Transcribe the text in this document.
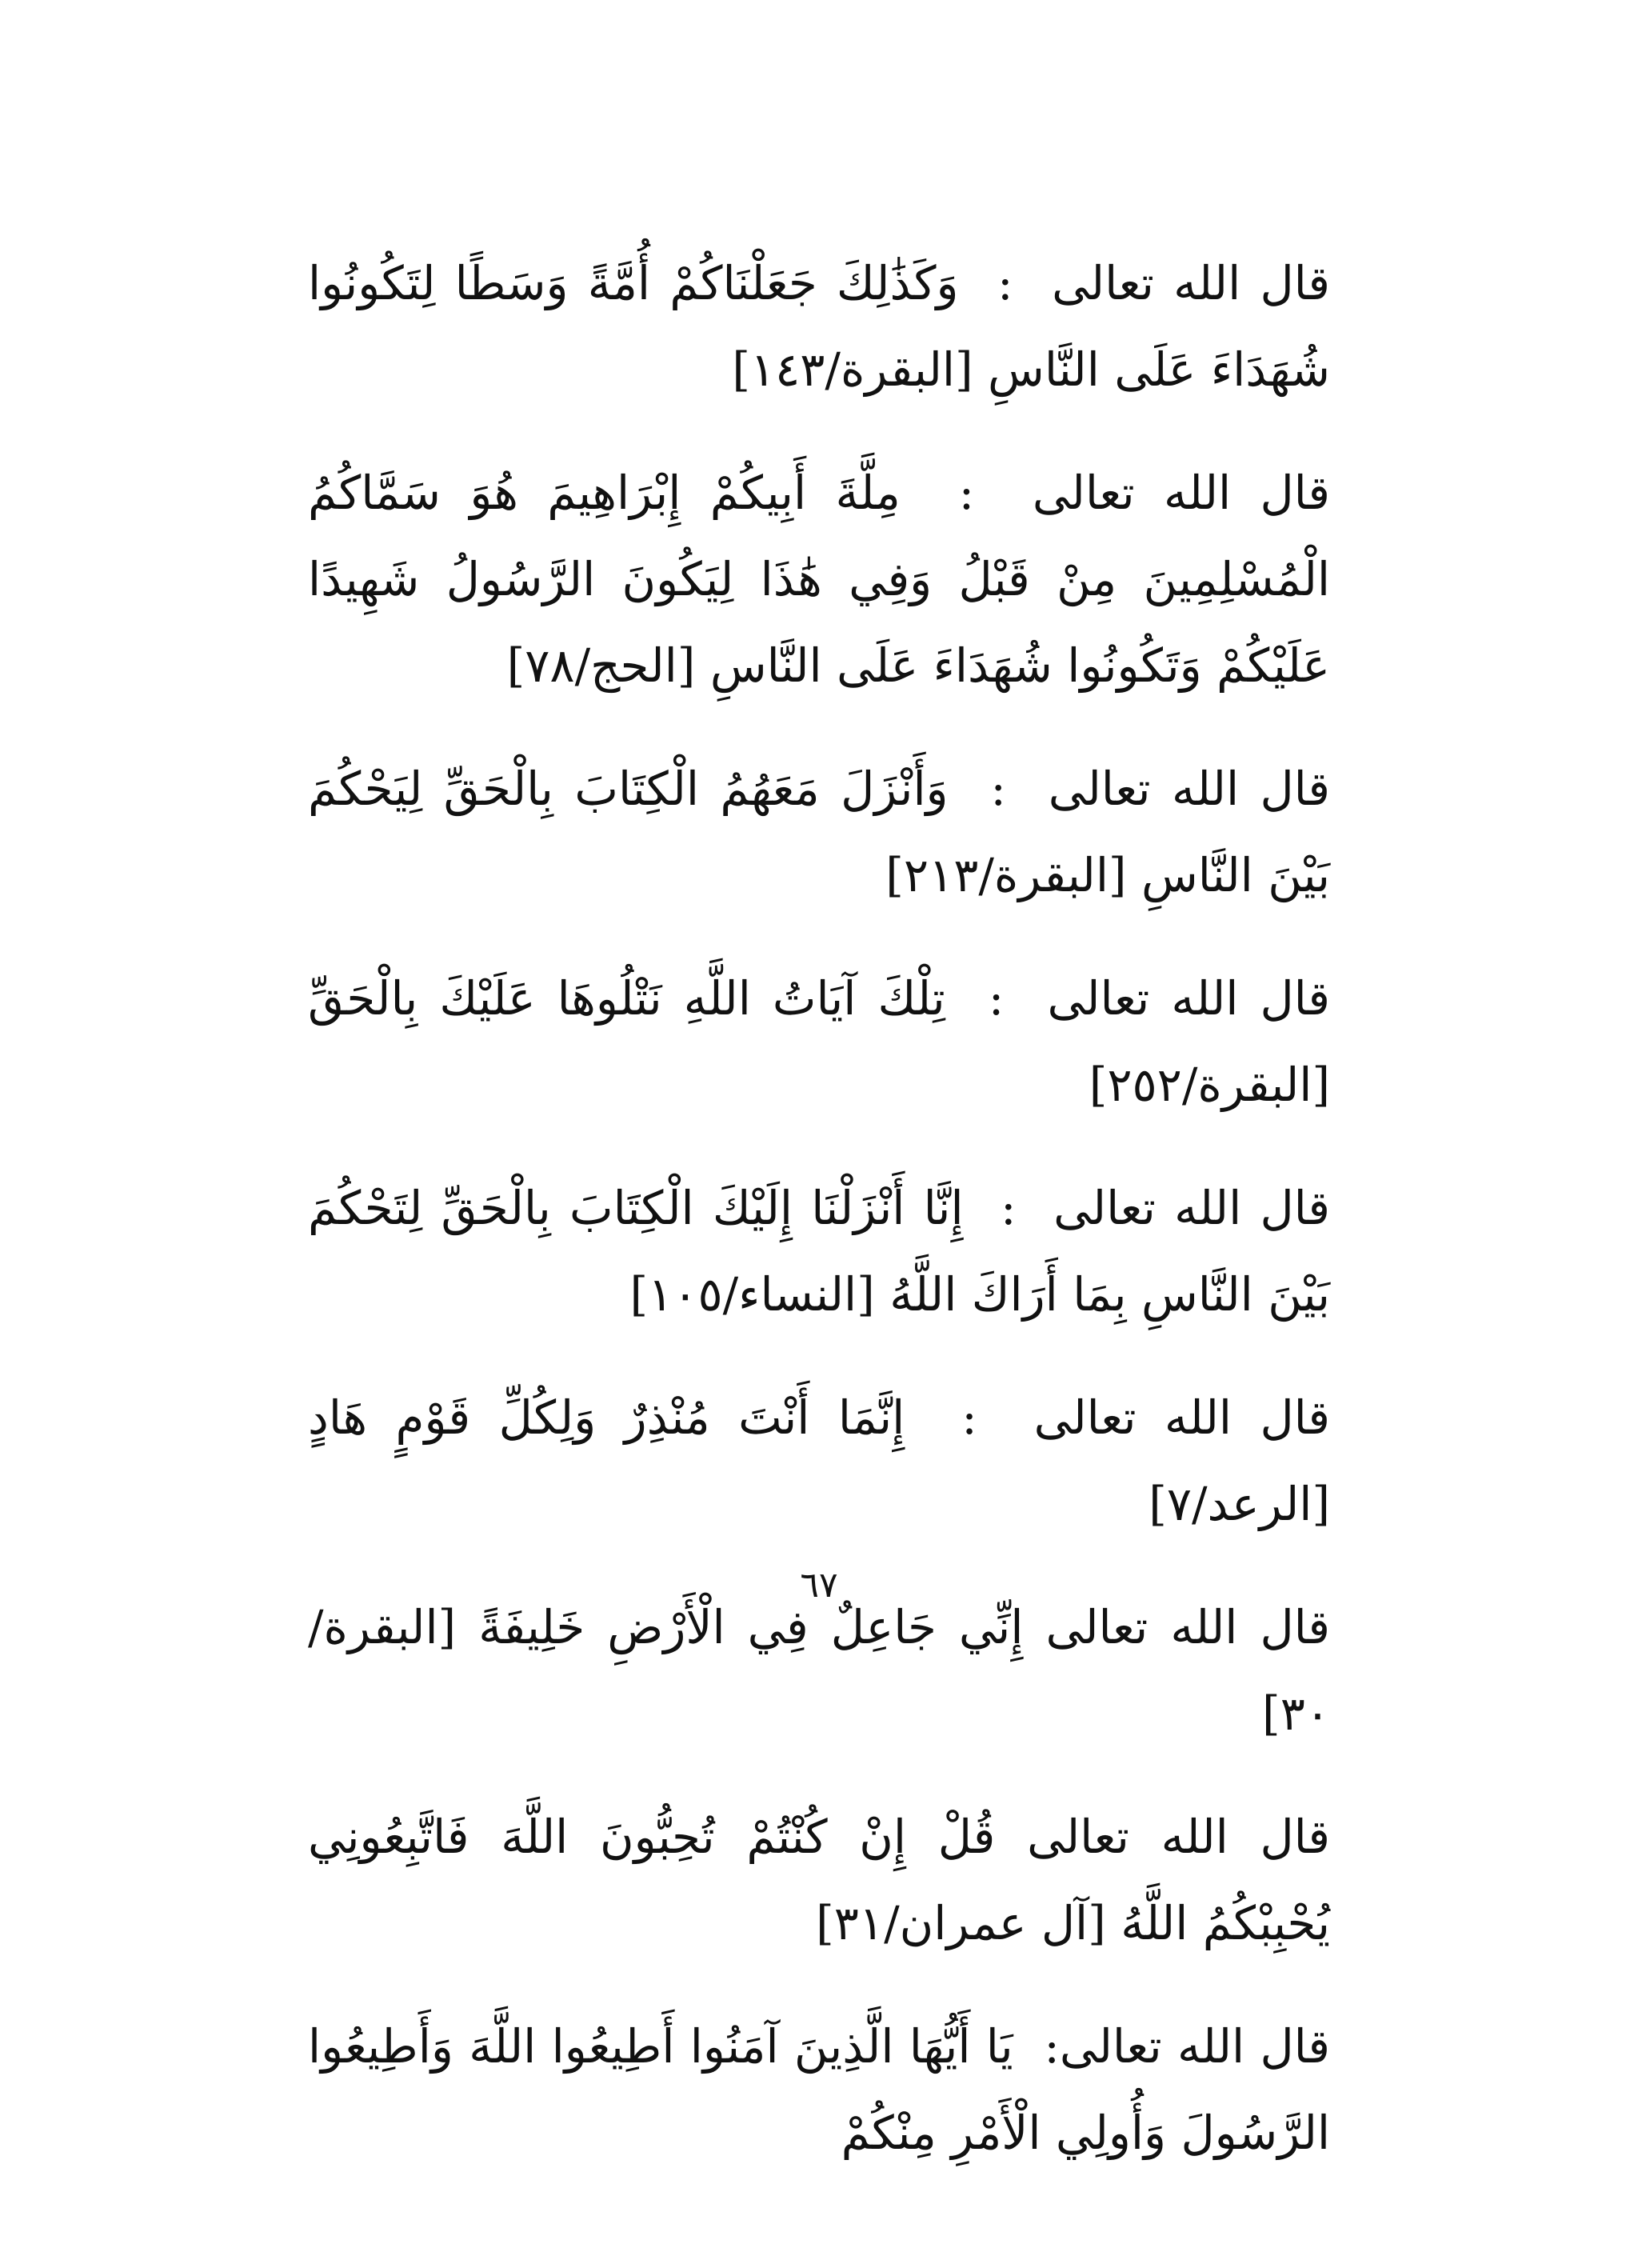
قال الله تعالى  :  وَكَذَٰلِكَ جَعَلْنَاكُمْ أُمَّةً وَسَطًا لِتَكُونُوا شُهَدَاءَ عَلَى النَّاسِ [البقرة/١٤٣]

قال الله تعالى  :  مِلَّةَ أَبِيكُمْ إِبْرَاهِيمَ هُوَ سَمَّاكُمُ الْمُسْلِمِينَ مِنْ قَبْلُ وَفِي هَٰذَا لِيَكُونَ الرَّسُولُ شَهِيدًا عَلَيْكُمْ وَتَكُونُوا شُهَدَاءَ عَلَى النَّاسِ [الحج/٧٨]

قال الله تعالى  :  وَأَنْزَلَ مَعَهُمُ الْكِتَابَ بِالْحَقِّ لِيَحْكُمَ بَيْنَ النَّاسِ [البقرة/٢١٣]

قال الله تعالى  :  تِلْكَ آيَاتُ اللَّهِ نَتْلُوهَا عَلَيْكَ بِالْحَقِّ [البقرة/٢٥٢]

قال الله تعالى  :  إِنَّا أَنْزَلْنَا إِلَيْكَ الْكِتَابَ بِالْحَقِّ لِتَحْكُمَ بَيْنَ النَّاسِ بِمَا أَرَاكَ اللَّهُ [النساء/١٠٥]

قال الله تعالى  :  إِنَّمَا أَنْتَ مُنْذِرٌ وَلِكُلِّ قَوْمٍ هَادٍ [الرعد/٧]

قال الله تعالى إِنِّي جَاعِلٌ فِي الْأَرْضِ خَلِيفَةً [البقرة/٣٠]

قال الله تعالى قُلْ إِنْ كُنْتُمْ تُحِبُّونَ اللَّهَ فَاتَّبِعُونِي يُحْبِبْكُمُ اللَّهُ [آل عمران/٣١]

قال الله تعالى:  يَا أَيُّهَا الَّذِينَ آمَنُوا أَطِيعُوا اللَّهَ وَأَطِيعُوا الرَّسُولَ وَأُولِي الْأَمْرِ مِنْكُمْ

٦٧
